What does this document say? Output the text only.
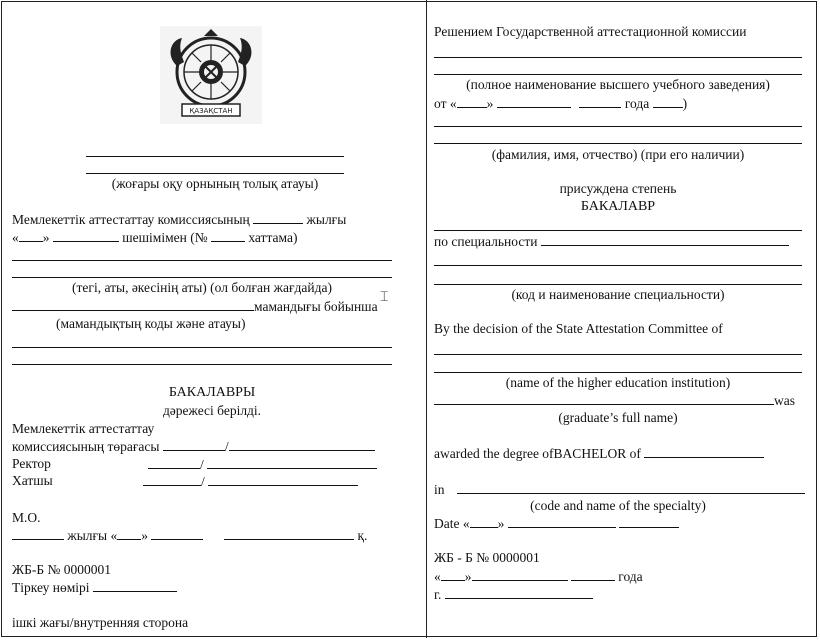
ҚАЗАҚСТАН
(жоғары оқу орнының толық атауы)
Мемлекеттік аттестаттау комиссиясының	жылғы
« »	шешімімен (№	хаттама)
(тегі, аты, әкесінің аты) (ол болған жағдайда)
мамандығы бойынша
(мамандықтың коды және атауы)
БАКАЛАВРЫ
дәрежесі берілді.
Мемлекеттік аттестаттау
комиссиясының төрағасы	/
Ректор	/
Хатшы	/
М.О.
жылғы « »	қ.
ЖБ-Б № 0000001
Тіркеу нөмірі
ішкі жағы/внутренняя сторона
⌶
Решением Государственной аттестационной комиссии
(полное наименование высшего учебного заведения)
от « »	года )
(фамилия, имя, отчество) (при его наличии)
присуждена степень
БАКАЛАВР
по специальности
(код и наименование специальности)
By the decision of the State Attestation Committee of
(name of the higher education institution)
was
(graduate’s full name)
awarded the degree ofBACHELOR of
in
(code and name of the specialty)
Date « »
ЖБ - Б № 0000001
« »	года
г.
